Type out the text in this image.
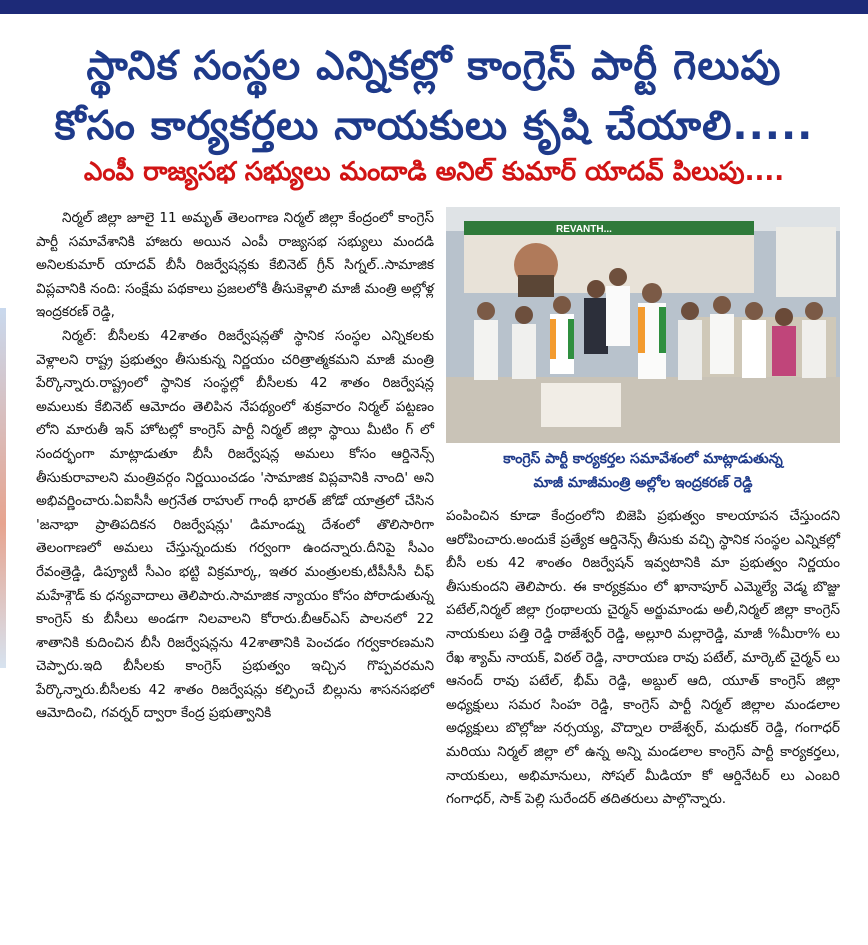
స్థానిక సంస్థల ఎన్నికల్లో కాంగ్రెస్ పార్టీ గెలుపు
కోసం కార్యకర్తలు నాయకులు కృషి చేయాలి.....
ఎంపీ రాజ్యసభ సభ్యులు మందాడి అనిల్ కుమార్ యాదవ్ పిలుపు....

నిర్మల్ జిల్లా జూలై 11 అమృత్ తెలంగాణ నిర్మల్ జిల్లా కేంద్రంలో కాంగ్రెస్ పార్టీ సమావేశానికి హాజరు అయిన ఎంపీ రాజ్యసభ సభ్యులు మందడి అనిలకుమార్ యాదవ్ బీసీ రిజర్వేషన్లకు కేబినెట్ గ్రీన్ సిగ్నల్..సామాజిక విప్లవానికి నంది: సంక్షేమ పథకాలు ప్రజలలోకి తీసుకెళ్లాలి మాజీ మంత్రి అల్లోళ్ల ఇంద్రకరణ్ రెడ్డి,

నిర్మల్: బీసీలకు 42శాతం రిజర్వేషన్లతో స్థానిక సంస్థల ఎన్నికలకు వెళ్లాలని రాష్ట్ర ప్రభుత్వం తీసుకున్న నిర్ణయం చరిత్రాత్మకమని మాజీ మంత్రి పేర్కొన్నారు.రాష్ట్రంలో స్థానిక సంస్థల్లో బీసీలకు 42 శాతం రిజర్వేషన్ల అమలుకు కేబినెట్ ఆమోదం తెలిపిన నేపథ్యంలో శుక్రవారం నిర్మల్ పట్టణం లోని మారుతీ ఇన్ హోటల్లో కాంగ్రెస్ పార్టీ నిర్మల్ జిల్లా స్థాయి మీటిం గ్ లో సందర్భంగా మాట్లాడుతూ బీసీ రిజర్వేషన్ల అమలు కోసం ఆర్డినెన్స్ తీసుకురావాలని మంత్రివర్గం నిర్ణయించడం 'సామాజిక విప్లవానికి నాంది' అని అభివర్ణించారు.ఏఐసీసీ అగ్రనేత రాహుల్ గాంధీ భారత్ జోడో యాత్రలో చేసిన 'జనాభా ప్రాతిపదికన రిజర్వేషన్లు' డిమాండ్ను దేశంలో తొలిసారిగా తెలంగాణలో అమలు చేస్తున్నందుకు గర్వంగా ఉందన్నారు.దీనిపై సీఎం రేవంత్రెడ్డి, డిప్యూటీ సీఎం భట్టి విక్రమార్క, ఇతర మంత్రులకు,టీపీసీసీ చీఫ్ మహేశ్గౌడ్ కు ధన్యవాదాలు తెలిపారు.సామాజిక న్యాయం కోసం పోరాడుతున్న కాంగ్రెస్ కు బీసీలు అండగా నిలవాలని కోరారు.బీఆర్ఎస్ పాలనలో 22 శాతానికి కుదించిన బీసీ రిజర్వేషన్లను 42శాతానికి పెంచడం గర్వకారణమని చెప్పారు.ఇది బీసీలకు కాంగ్రెస్ ప్రభుత్వం ఇచ్చిన గొప్పవరమని పేర్కొన్నారు.బీసీలకు 42 శాతం రిజర్వేషన్లు కల్పించే బిల్లును శాసనసభలో ఆమోదించి, గవర్నర్ ద్వారా కేంద్ర ప్రభుత్వానికి

REVANTH...
కాంగ్రెస్ పార్టీ కార్యకర్తల సమావేశంలో మాట్లాడుతున్న
మాజీ మాజీమంత్రి అల్లోల ఇంద్రకరణ్ రెడ్డి

పంపించిన కూడా కేంద్రంలోని బిజెపి ప్రభుత్వం కాలయాపన చేస్తుందని ఆరోపించారు.అందుకే ప్రత్యేక ఆర్డినెన్స్ తీసుకు వచ్చి స్థానిక సంస్థల ఎన్నికల్లో బీసీ లకు 42 శాంతం రిజర్వేషన్ ఇవ్వటానికి మా ప్రభుత్వం నిర్ణయం తీసుకుందని తెలిపారు. ఈ కార్యక్రమం లో ఖానాపూర్ ఎమ్మెల్యే వెడ్మ బొజ్జు పటేల్,నిర్మల్ జిల్లా గ్రంథాలయ చైర్మన్ అర్జుమాండు అలీ,నిర్మల్ జిల్లా కాంగ్రెస్ నాయకులు పత్తి రెడ్డి రాజేశ్వర్ రెడ్డి, అల్లూరి మల్లారెడ్డి, మాజీ %మీరా% లు రేఖ శ్యామ్ నాయక్, విఠల్ రెడ్డి, నారాయణ రావు పటేల్, మార్కెట్ చైర్మన్ లు ఆనంద్ రావు పటేల్, భీమ్ రెడ్డి, అబ్దుల్ ఆది, యూత్ కాంగ్రెస్ జిల్లా అధ్యక్షులు సమర సింహ రెడ్డి, కాంగ్రెస్ పార్టీ నిర్మల్ జిల్లాల మండలాల అధ్యక్షులు బొల్లోజు నర్సయ్య, వొద్నాల రాజేశ్వర్, మధుకర్ రెడ్డి, గంగాధర్ మరియు నిర్మల్ జిల్లా లో ఉన్న అన్ని మండలాల కాంగ్రెస్ పార్టీ కార్యకర్తలు, నాయకులు, అభిమానులు, సోషల్ మీడియా కో ఆర్డినేటర్ లు ఎంబరి గంగాధర్, సాక్ పెల్లి సురేందర్ తదితరులు పాల్గొన్నారు.
